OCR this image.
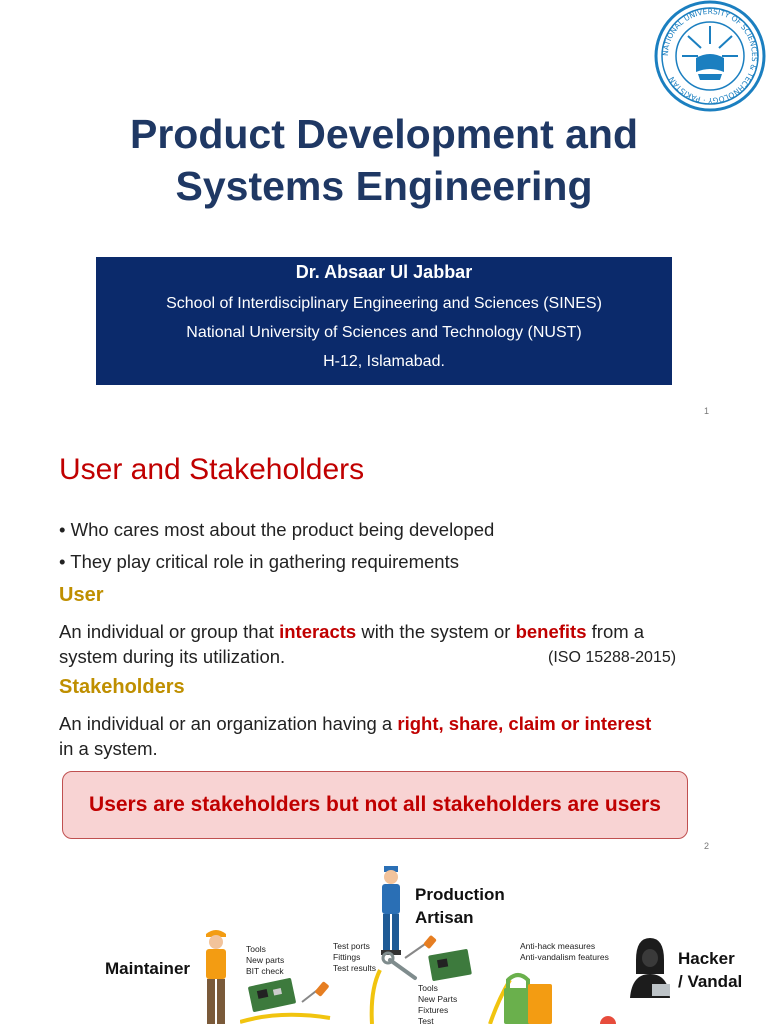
NATIONAL UNIVERSITY OF SCIENCES & TECHNOLOGY · PAKISTAN
Product Development and
Systems Engineering
Dr. Absaar Ul Jabbar
School of Interdisciplinary Engineering and Sciences (SINES)
National University of Sciences and Technology (NUST)
H-12, Islamabad.
1
User and Stakeholders
• Who cares most about the product being developed
• They play critical role in gathering requirements
User
An individual or group that interacts with the system or benefits from a
system during its utilization.	(ISO 15288-2015)
Stakeholders
An individual or an organization having a right, share, claim or interest
in a system.
Users are stakeholders but not all stakeholders are users
2
Production
Artisan
Maintainer
Tools
New parts
BIT check
Test ports
Fittings
Test results
Tools
New Parts
Fixtures
Test
Anti-hack measures
Anti-vandalism features	Hacker
/ Vandal
